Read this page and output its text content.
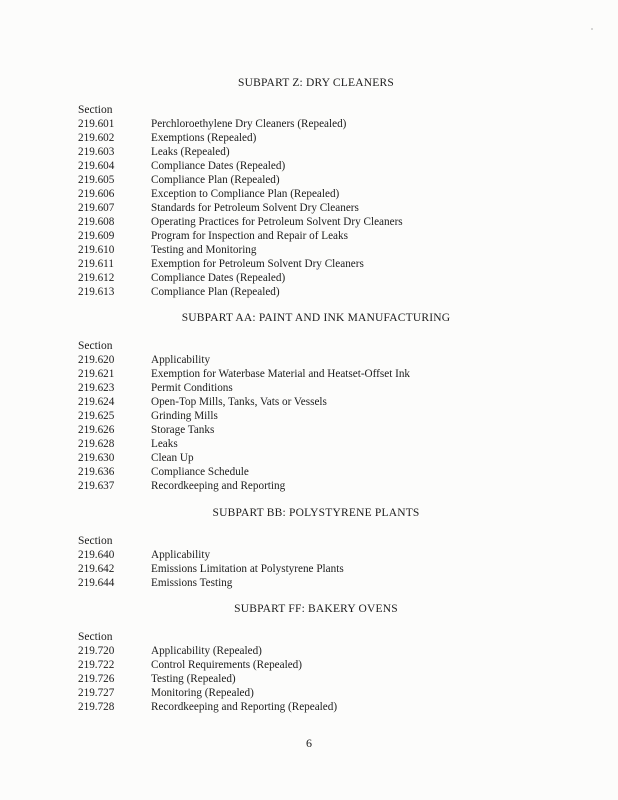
SUBPART Z: DRY CLEANERS
Section
219.601	Perchloroethylene Dry Cleaners (Repealed)
219.602	Exemptions (Repealed)
219.603	Leaks (Repealed)
219.604	Compliance Dates (Repealed)
219.605	Compliance Plan (Repealed)
219.606	Exception to Compliance Plan (Repealed)
219.607	Standards for Petroleum Solvent Dry Cleaners
219.608	Operating Practices for Petroleum Solvent Dry Cleaners
219.609	Program for Inspection and Repair of Leaks
219.610	Testing and Monitoring
219.611	Exemption for Petroleum Solvent Dry Cleaners
219.612	Compliance Dates (Repealed)
219.613	Compliance Plan (Repealed)
SUBPART AA: PAINT AND INK MANUFACTURING
Section
219.620	Applicability
219.621	Exemption for Waterbase Material and Heatset-Offset Ink
219.623	Permit Conditions
219.624	Open-Top Mills, Tanks, Vats or Vessels
219.625	Grinding Mills
219.626	Storage Tanks
219.628	Leaks
219.630	Clean Up
219.636	Compliance Schedule
219.637	Recordkeeping and Reporting
SUBPART BB: POLYSTYRENE PLANTS
Section
219.640	Applicability
219.642	Emissions Limitation at Polystyrene Plants
219.644	Emissions Testing
SUBPART FF: BAKERY OVENS
Section
219.720	Applicability (Repealed)
219.722	Control Requirements (Repealed)
219.726	Testing (Repealed)
219.727	Monitoring (Repealed)
219.728	Recordkeeping and Reporting (Repealed)
6
